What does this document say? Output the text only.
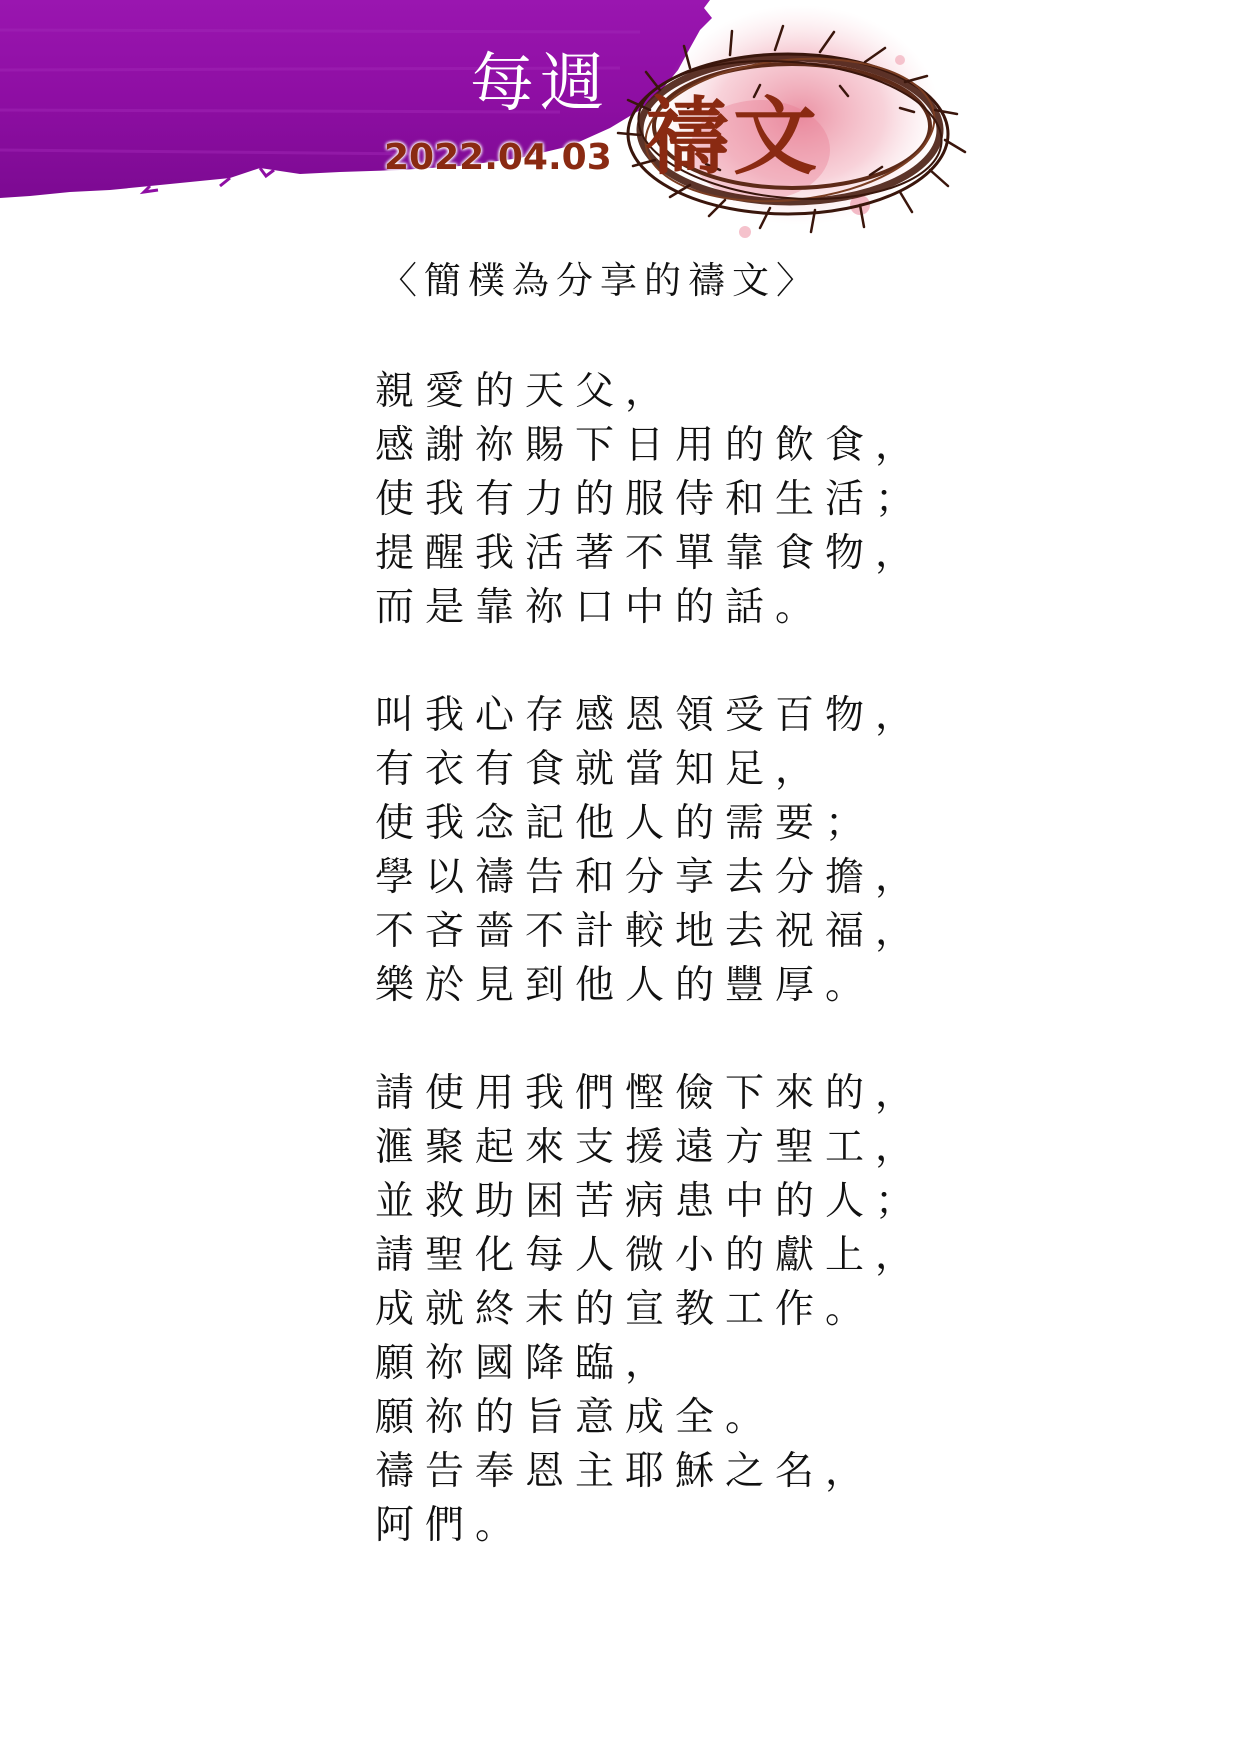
每週
2022.04.03 禱文
〈簡樸為分享的禱文〉
親愛的天父，
感謝祢賜下日用的飲食，
使我有力的服侍和生活；
提醒我活著不單靠食物，
而是靠祢口中的話。
叫我心存感恩領受百物，
有衣有食就當知足，
使我念記他人的需要；
學以禱告和分享去分擔，
不吝嗇不計較地去祝福，
樂於見到他人的豐厚。
請使用我們慳儉下來的，
滙聚起來支援遠方聖工，
並救助困苦病患中的人；
請聖化每人微小的獻上，
成就終末的宣教工作。
願祢國降臨，
願祢的旨意成全。
禱告奉恩主耶穌之名，
阿們。
